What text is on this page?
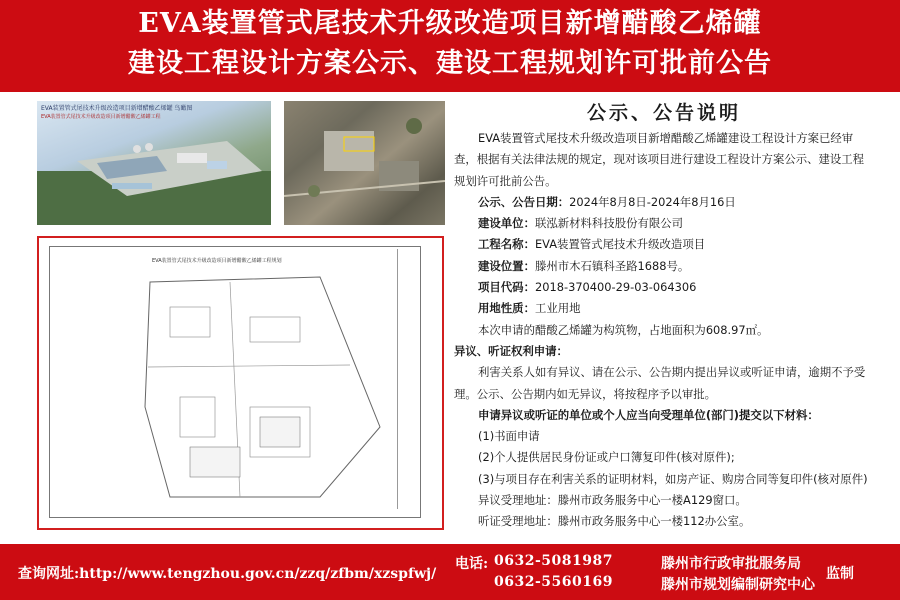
EVA装置管式尾技术升级改造项目新增醋酸乙烯罐
建设工程设计方案公示、建设工程规划许可批前公告
EVA装置管式尾技术升级改造项目新增醋酸乙烯罐 鸟瞰图
EVA装置管式尾技术升级改造项目新增醋酸乙烯罐工程
EVA装置管式尾技术升级改造项目新增醋酸乙烯罐工程规划
公示、公告说明

EVA装置管式尾技术升级改造项目新增醋酸乙烯罐建设工程设计方案已经审查，根据有关法律法规的规定，现对该项目进行建设工程设计方案公示、建设工程规划许可批前公告。

公示、公告日期：2024年8月8日-2024年8月16日

建设单位：联泓新材料科技股份有限公司

工程名称：EVA装置管式尾技术升级改造项目

建设位置：滕州市木石镇科圣路1688号。

项目代码：2018-370400-29-03-064306

用地性质：工业用地

本次申请的醋酸乙烯罐为构筑物，占地面积为608.97㎡。

异议、听证权利申请：

利害关系人如有异议、请在公示、公告期内提出异议或听证申请，逾期不予受理。公示、公告期内如无异议，将按程序予以审批。

申请异议或听证的单位或个人应当向受理单位(部门)提交以下材料：

(1)书面申请

(2)个人提供居民身份证或户口簿复印件(核对原件);

(3)与项目存在利害关系的证明材料，如房产证、购房合同等复印件(核对原件)

异议受理地址：滕州市政务服务中心一楼A129窗口。

听证受理地址：滕州市政务服务中心一楼112办公室。

查询网址:http://www.tengzhou.gov.cn/zzq/zfbm/xzspfwj/
电话: 0632-5081987
0632-5560169
滕州市行政审批服务局
滕州市规划编制研究中心
监制
